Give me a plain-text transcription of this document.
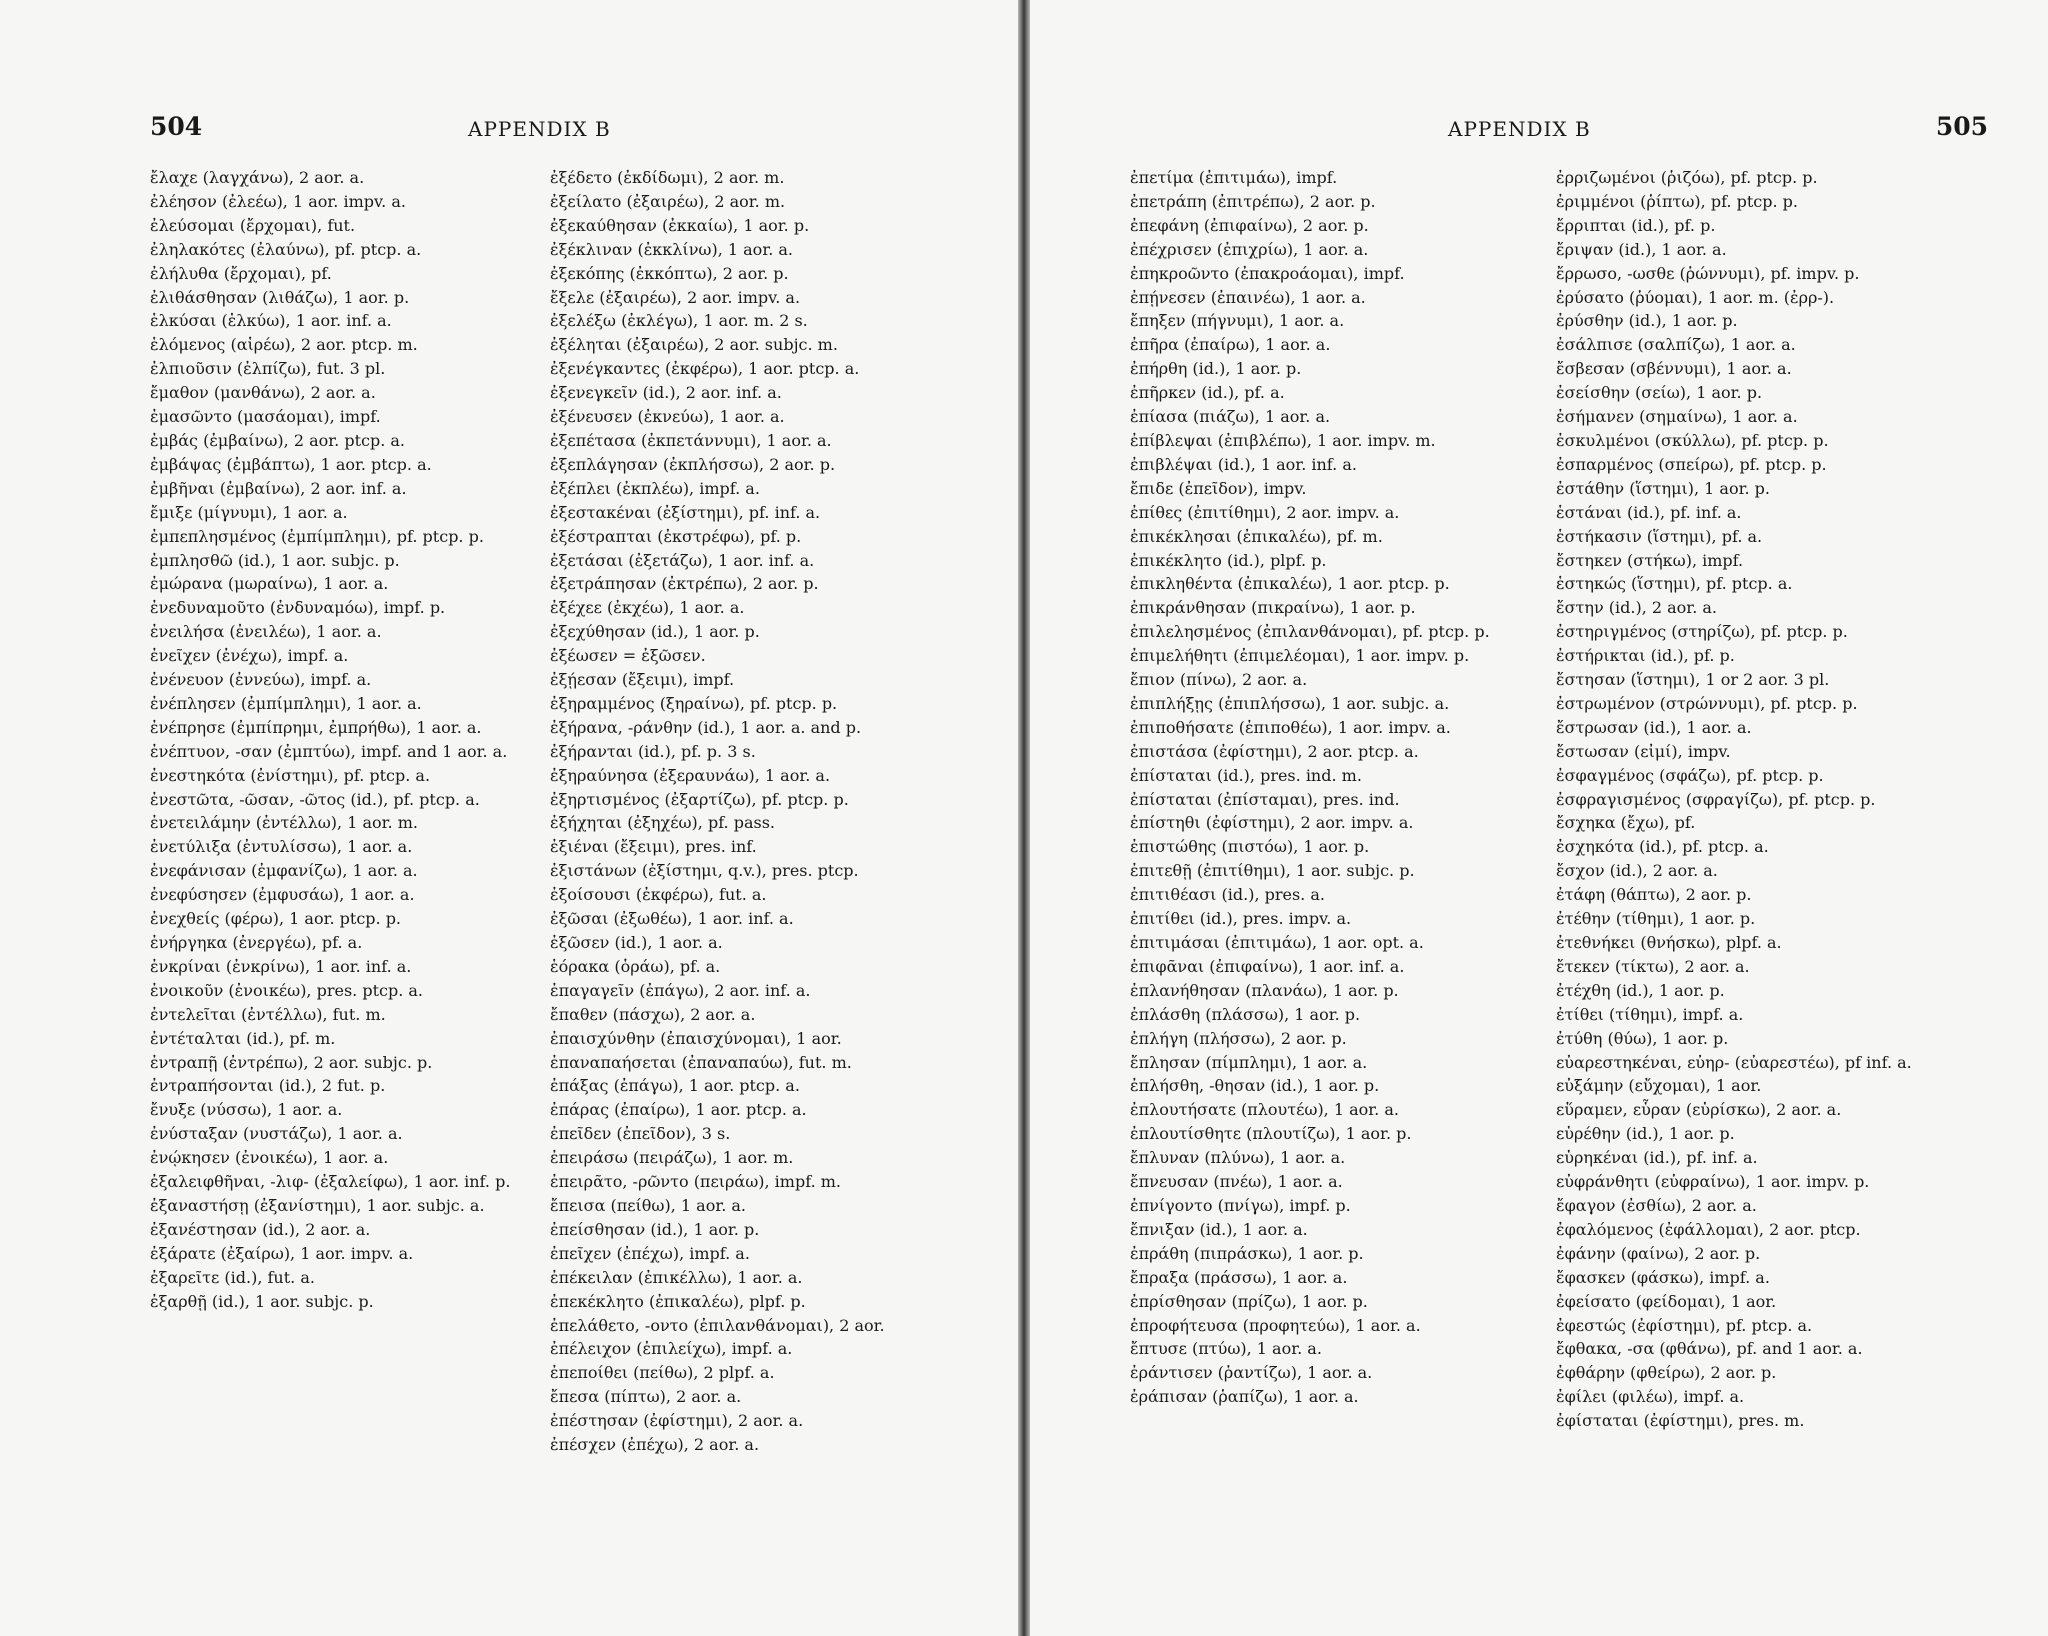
504	APPENDIX B

ἔλαχε (λαγχάνω), 2 aor. a.

ἐλέησον (ἐλεέω), 1 aor. impv. a.

ἐλεύσομαι (ἔρχομαι), fut.

ἐληλακότες (ἐλαύνω), pf. ptcp. a.

ἐλήλυθα (ἔρχομαι), pf.

ἐλιθάσθησαν (λιθάζω), 1 aor. p.

ἑλκύσαι (ἑλκύω), 1 aor. inf. a.

ἑλόμενος (αἱρέω), 2 aor. ptcp. m.

ἐλπιοῦσιν (ἐλπίζω), fut. 3 pl.

ἔμαθον (μανθάνω), 2 aor. a.

ἐμασῶντο (μασάομαι), impf.

ἐμβάς (ἐμβαίνω), 2 aor. ptcp. a.

ἐμβάψας (ἐμβάπτω), 1 aor. ptcp. a.

ἐμβῆναι (ἐμβαίνω), 2 aor. inf. a.

ἔμιξε (μίγνυμι), 1 aor. a.

ἐμπεπλησμένος (ἐμπίμπλημι), pf. ptcp. p.

ἐμπλησθῶ (id.), 1 aor. subjc. p.

ἐμώρανα (μωραίνω), 1 aor. a.

ἐνεδυναμοῦτο (ἐνδυναμόω), impf. p.

ἐνειλήσα (ἐνειλέω), 1 aor. a.

ἐνεῖχεν (ἐνέχω), impf. a.

ἐνένευον (ἐννεύω), impf. a.

ἐνέπλησεν (ἐμπίμπλημι), 1 aor. a.

ἐνέπρησε (ἐμπίπρημι, ἐμπρήθω), 1 aor. a.

ἐνέπτυον, -σαν (ἐμπτύω), impf. and 1 aor. a.

ἐνεστηκότα (ἐνίστημι), pf. ptcp. a.

ἐνεστῶτα, -ῶσαν, -ῶτος (id.), pf. ptcp. a.

ἐνετειλάμην (ἐντέλλω), 1 aor. m.

ἐνετύλιξα (ἐντυλίσσω), 1 aor. a.

ἐνεφάνισαν (ἐμφανίζω), 1 aor. a.

ἐνεφύσησεν (ἐμφυσάω), 1 aor. a.

ἐνεχθείς (φέρω), 1 aor. ptcp. p.

ἐνήργηκα (ἐνεργέω), pf. a.

ἐνκρίναι (ἐνκρίνω), 1 aor. inf. a.

ἐνοικοῦν (ἐνοικέω), pres. ptcp. a.

ἐντελεῖται (ἐντέλλω), fut. m.

ἐντέταλται (id.), pf. m.

ἐντραπῇ (ἐντρέπω), 2 aor. subjc. p.

ἐντραπήσονται (id.), 2 fut. p.

ἔνυξε (νύσσω), 1 aor. a.

ἐνύσταξαν (νυστάζω), 1 aor. a.

ἐνῴκησεν (ἐνοικέω), 1 aor. a.

ἐξαλειφθῆναι, -λιφ- (ἐξαλείφω), 1 aor. inf. p.

ἐξαναστήσῃ (ἐξανίστημι), 1 aor. subjc. a.

ἐξανέστησαν (id.), 2 aor. a.

ἐξάρατε (ἐξαίρω), 1 aor. impv. a.

ἐξαρεῖτε (id.), fut. a.

ἐξαρθῇ (id.), 1 aor. subjc. p.

ἐξέδετο (ἐκδίδωμι), 2 aor. m.

ἐξείλατο (ἐξαιρέω), 2 aor. m.

ἐξεκαύθησαν (ἐκκαίω), 1 aor. p.

ἐξέκλιναν (ἐκκλίνω), 1 aor. a.

ἐξεκόπης (ἐκκόπτω), 2 aor. p.

ἔξελε (ἐξαιρέω), 2 aor. impv. a.

ἐξελέξω (ἐκλέγω), 1 aor. m. 2 s.

ἐξέληται (ἐξαιρέω), 2 aor. subjc. m.

ἐξενέγκαντες (ἐκφέρω), 1 aor. ptcp. a.

ἐξενεγκεῖν (id.), 2 aor. inf. a.

ἐξένευσεν (ἐκνεύω), 1 aor. a.

ἐξεπέτασα (ἐκπετάννυμι), 1 aor. a.

ἐξεπλάγησαν (ἐκπλήσσω), 2 aor. p.

ἐξέπλει (ἐκπλέω), impf. a.

ἐξεστακέναι (ἐξίστημι), pf. inf. a.

ἐξέστραπται (ἐκστρέφω), pf. p.

ἐξετάσαι (ἐξετάζω), 1 aor. inf. a.

ἐξετράπησαν (ἐκτρέπω), 2 aor. p.

ἐξέχεε (ἐκχέω), 1 aor. a.

ἐξεχύθησαν (id.), 1 aor. p.

ἐξέωσεν = ἐξῶσεν.

ἐξῄεσαν (ἔξειμι), impf.

ἐξηραμμένος (ξηραίνω), pf. ptcp. p.

ἐξήρανα, -ράνθην (id.), 1 aor. a. and p.

ἐξήρανται (id.), pf. p. 3 s.

ἐξηραύνησα (ἐξεραυνάω), 1 aor. a.

ἐξηρτισμένος (ἐξαρτίζω), pf. ptcp. p.

ἐξήχηται (ἐξηχέω), pf. pass.

ἐξιέναι (ἔξειμι), pres. inf.

ἐξιστάνων (ἐξίστημι, q.v.), pres. ptcp.

ἐξοίσουσι (ἐκφέρω), fut. a.

ἐξῶσαι (ἐξωθέω), 1 aor. inf. a.

ἐξῶσεν (id.), 1 aor. a.

ἑόρακα (ὁράω), pf. a.

ἐπαγαγεῖν (ἐπάγω), 2 aor. inf. a.

ἔπαθεν (πάσχω), 2 aor. a.

ἐπαισχύνθην (ἐπαισχύνομαι), 1 aor.

ἐπαναπαήσεται (ἐπαναπαύω), fut. m.

ἐπάξας (ἐπάγω), 1 aor. ptcp. a.

ἐπάρας (ἐπαίρω), 1 aor. ptcp. a.

ἐπεῖδεν (ἐπεῖδον), 3 s.

ἐπειράσω (πειράζω), 1 aor. m.

ἐπειρᾶτο, -ρῶντο (πειράω), impf. m.

ἔπεισα (πείθω), 1 aor. a.

ἐπείσθησαν (id.), 1 aor. p.

ἐπεῖχεν (ἐπέχω), impf. a.

ἐπέκειλαν (ἐπικέλλω), 1 aor. a.

ἐπεκέκλητο (ἐπικαλέω), plpf. p.

ἐπελάθετο, -οντο (ἐπιλανθάνομαι), 2 aor.

ἐπέλειχον (ἐπιλείχω), impf. a.

ἐπεποίθει (πείθω), 2 plpf. a.

ἔπεσα (πίπτω), 2 aor. a.

ἐπέστησαν (ἐφίστημι), 2 aor. a.

ἐπέσχεν (ἐπέχω), 2 aor. a.

APPENDIX B	505

ἐπετίμα (ἐπιτιμάω), impf.

ἐπετράπη (ἐπιτρέπω), 2 aor. p.

ἐπεφάνη (ἐπιφαίνω), 2 aor. p.

ἐπέχρισεν (ἐπιχρίω), 1 aor. a.

ἐπηκροῶντο (ἐπακροάομαι), impf.

ἐπῄνεσεν (ἐπαινέω), 1 aor. a.

ἔπηξεν (πήγνυμι), 1 aor. a.

ἐπῆρα (ἐπαίρω), 1 aor. a.

ἐπήρθη (id.), 1 aor. p.

ἐπῆρκεν (id.), pf. a.

ἐπίασα (πιάζω), 1 aor. a.

ἐπίβλεψαι (ἐπιβλέπω), 1 aor. impv. m.

ἐπιβλέψαι (id.), 1 aor. inf. a.

ἔπιδε (ἐπεῖδον), impv.

ἐπίθες (ἐπιτίθημι), 2 aor. impv. a.

ἐπικέκλησαι (ἐπικαλέω), pf. m.

ἐπικέκλητο (id.), plpf. p.

ἐπικληθέντα (ἐπικαλέω), 1 aor. ptcp. p.

ἐπικράνθησαν (πικραίνω), 1 aor. p.

ἐπιλελησμένος (ἐπιλανθάνομαι), pf. ptcp. p.

ἐπιμελήθητι (ἐπιμελέομαι), 1 aor. impv. p.

ἔπιον (πίνω), 2 aor. a.

ἐπιπλήξῃς (ἐπιπλήσσω), 1 aor. subjc. a.

ἐπιποθήσατε (ἐπιποθέω), 1 aor. impv. a.

ἐπιστάσα (ἐφίστημι), 2 aor. ptcp. a.

ἐπίσταται (id.), pres. ind. m.

ἐπίσταται (ἐπίσταμαι), pres. ind.

ἐπίστηθι (ἐφίστημι), 2 aor. impv. a.

ἐπιστώθης (πιστόω), 1 aor. p.

ἐπιτεθῇ (ἐπιτίθημι), 1 aor. subjc. p.

ἐπιτιθέασι (id.), pres. a.

ἐπιτίθει (id.), pres. impv. a.

ἐπιτιμάσαι (ἐπιτιμάω), 1 aor. opt. a.

ἐπιφᾶναι (ἐπιφαίνω), 1 aor. inf. a.

ἐπλανήθησαν (πλανάω), 1 aor. p.

ἐπλάσθη (πλάσσω), 1 aor. p.

ἐπλήγη (πλήσσω), 2 aor. p.

ἔπλησαν (πίμπλημι), 1 aor. a.

ἐπλήσθη, -θησαν (id.), 1 aor. p.

ἐπλουτήσατε (πλουτέω), 1 aor. a.

ἐπλουτίσθητε (πλουτίζω), 1 aor. p.

ἔπλυναν (πλύνω), 1 aor. a.

ἔπνευσαν (πνέω), 1 aor. a.

ἐπνίγοντο (πνίγω), impf. p.

ἔπνιξαν (id.), 1 aor. a.

ἐπράθη (πιπράσκω), 1 aor. p.

ἔπραξα (πράσσω), 1 aor. a.

ἐπρίσθησαν (πρίζω), 1 aor. p.

ἐπροφήτευσα (προφητεύω), 1 aor. a.

ἔπτυσε (πτύω), 1 aor. a.

ἐράντισεν (ῥαντίζω), 1 aor. a.

ἐράπισαν (ῥαπίζω), 1 aor. a.

ἐρριζωμένοι (ῥιζόω), pf. ptcp. p.

ἐριμμένοι (ῥίπτω), pf. ptcp. p.

ἔρριπται (id.), pf. p.

ἔριψαν (id.), 1 aor. a.

ἔρρωσο, -ωσθε (ῥώννυμι), pf. impv. p.

ἐρύσατο (ῥύομαι), 1 aor. m. (ἐρρ-).

ἐρύσθην (id.), 1 aor. p.

ἐσάλπισε (σαλπίζω), 1 aor. a.

ἔσβεσαν (σβέννυμι), 1 aor. a.

ἐσείσθην (σείω), 1 aor. p.

ἐσήμανεν (σημαίνω), 1 aor. a.

ἐσκυλμένοι (σκύλλω), pf. ptcp. p.

ἐσπαρμένος (σπείρω), pf. ptcp. p.

ἐστάθην (ἵστημι), 1 aor. p.

ἑστάναι (id.), pf. inf. a.

ἑστήκασιν (ἵστημι), pf. a.

ἔστηκεν (στήκω), impf.

ἑστηκώς (ἵστημι), pf. ptcp. a.

ἔστην (id.), 2 aor. a.

ἐστηριγμένος (στηρίζω), pf. ptcp. p.

ἐστήρικται (id.), pf. p.

ἔστησαν (ἵστημι), 1 or 2 aor. 3 pl.

ἐστρωμένον (στρώννυμι), pf. ptcp. p.

ἔστρωσαν (id.), 1 aor. a.

ἔστωσαν (εἰμί), impv.

ἐσφαγμένος (σφάζω), pf. ptcp. p.

ἐσφραγισμένος (σφραγίζω), pf. ptcp. p.

ἔσχηκα (ἔχω), pf.

ἐσχηκότα (id.), pf. ptcp. a.

ἔσχον (id.), 2 aor. a.

ἐτάφη (θάπτω), 2 aor. p.

ἐτέθην (τίθημι), 1 aor. p.

ἐτεθνήκει (θνήσκω), plpf. a.

ἔτεκεν (τίκτω), 2 aor. a.

ἐτέχθη (id.), 1 aor. p.

ἐτίθει (τίθημι), impf. a.

ἐτύθη (θύω), 1 aor. p.

εὐαρεστηκέναι, εὐηρ- (εὐαρεστέω), pf inf. a.

εὐξάμην (εὔχομαι), 1 aor.

εὕραμεν, εὗραν (εὑρίσκω), 2 aor. a.

εὑρέθην (id.), 1 aor. p.

εὑρηκέναι (id.), pf. inf. a.

εὐφράνθητι (εὐφραίνω), 1 aor. impv. p.

ἔφαγον (ἐσθίω), 2 aor. a.

ἐφαλόμενος (ἐφάλλομαι), 2 aor. ptcp.

ἐφάνην (φαίνω), 2 aor. p.

ἔφασκεν (φάσκω), impf. a.

ἐφείσατο (φείδομαι), 1 aor.

ἐφεστώς (ἐφίστημι), pf. ptcp. a.

ἔφθακα, -σα (φθάνω), pf. and 1 aor. a.

ἐφθάρην (φθείρω), 2 aor. p.

ἐφίλει (φιλέω), impf. a.

ἐφίσταται (ἐφίστημι), pres. m.
